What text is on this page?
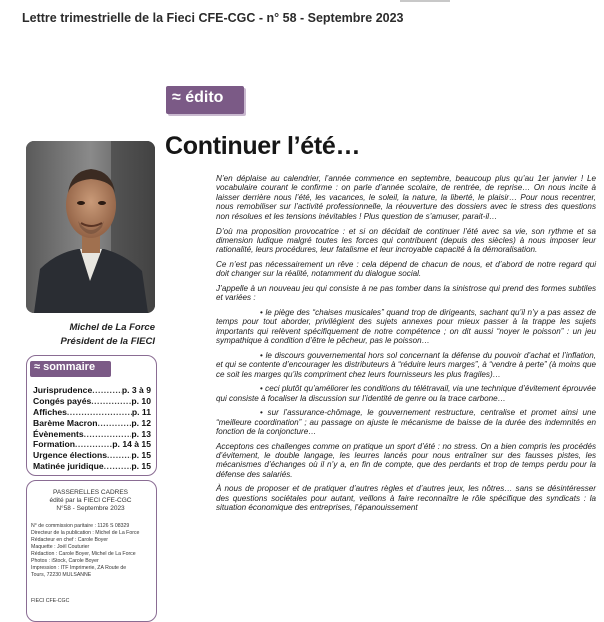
Lettre trimestrielle de la Fieci CFE-CGC - n° 58 - Septembre 2023
≈ édito
Continuer l’été…
Michel de La Force
Président de la FIECI
≈ sommaire
Jurisprudence .....	p. 3 à 9
Congés payés .....	p. 10
Affiches .....	p. 11
Barème Macron .....	p. 12
Évènements .....	p. 13
Formation .....	p. 14 à 15
Urgence élections .....	p. 15
Matinée juridique .....	p. 15
PASSERELLES CADRES
édité par la FIECI CFE-CGC
N°58 - Septembre 2023
N° de commission paritaire : 1126 S 08329
Directeur de la publication : Michel de La Force
Rédacteur en chef : Carole Boyer
Maquette : Joël Couturier
Rédaction : Carole Boyer, Michel de La Force
Photos : iStock, Carole Boyer
Impression : ITF Imprimerie, ZA Route de
Tours, 72230 MULSANNE
FIECI CFE-CGC

N’en déplaise au calendrier, l’année commence en septembre, beaucoup plus qu’au 1er janvier ! Le vocabulaire courant le confirme : on parle d’année scolaire, de rentrée, de reprise… On nous incite à laisser derrière nous l’été, les vacances, le soleil, la nature, la liberté, le plaisir… Pour nous recentrer, nous remobiliser sur l’activité professionnelle, la réouverture des dossiers avec le stress des questions non résolues et les tensions inévitables ! Plus question de s’amuser, parait-il…

D’où ma proposition provocatrice : et si on décidait de continuer l’été avec sa vie, son rythme et sa dimension ludique malgré toutes les forces qui contribuent (depuis des siècles) à nous imposer leur rationalité, leurs procédures, leur fatalisme et leur incroyable capacité à la démoralisation.

Ce n’est pas nécessairement un rêve : cela dépend de chacun de nous, et d’abord de notre regard qui doit changer sur la réalité, notamment du dialogue social.

J’appelle à un nouveau jeu qui consiste à ne pas tomber dans la sinistrose qui prend des formes subtiles et variées :

• le piège des “chaises musicales” quand trop de dirigeants, sachant qu’il n’y a pas assez de temps pour tout aborder, privilégient des sujets annexes pour mieux passer à la trappe les sujets importants qui relèvent spécifiquement de notre compétence ; on dit aussi “noyer le poisson” : un jeu sympathique à condition d’être le pêcheur, pas le poisson…

• le discours gouvernemental hors sol concernant la défense du pouvoir d’achat et l’inflation, et qui se contente d’encourager les distributeurs à “réduire leurs marges”, à “vendre à perte” (à moins que ce soit les marges qu’ils compriment chez leurs fournisseurs les plus fragiles)…

• ceci plutôt qu’améliorer les conditions du télétravail, via une technique d’évitement éprouvée qui consiste à focaliser la discussion sur l’identité de genre ou la trace carbone…

• sur l’assurance-chômage, le gouvernement restructure, centralise et promet ainsi une “meilleure coordination” ; au passage on ajuste le mécanisme de baisse de la durée des indemnités en fonction de la conjoncture…

Acceptons ces challenges comme on pratique un sport d’été : no stress. On a bien compris les procédés d’évitement, le double langage, les leurres lancés pour nous entraîner sur des fausses pistes, les mécanismes d’échanges où il n’y a, en fin de compte, que des perdants et trop de temps perdu pour la défense des salariés.

À nous de proposer et de pratiquer d’autres règles et d’autres jeux, les nôtres… sans se désintéresser des questions sociétales pour autant, veillons à faire reconnaître le rôle spécifique des syndicats : la situation économique des entreprises, l’épanouissement
